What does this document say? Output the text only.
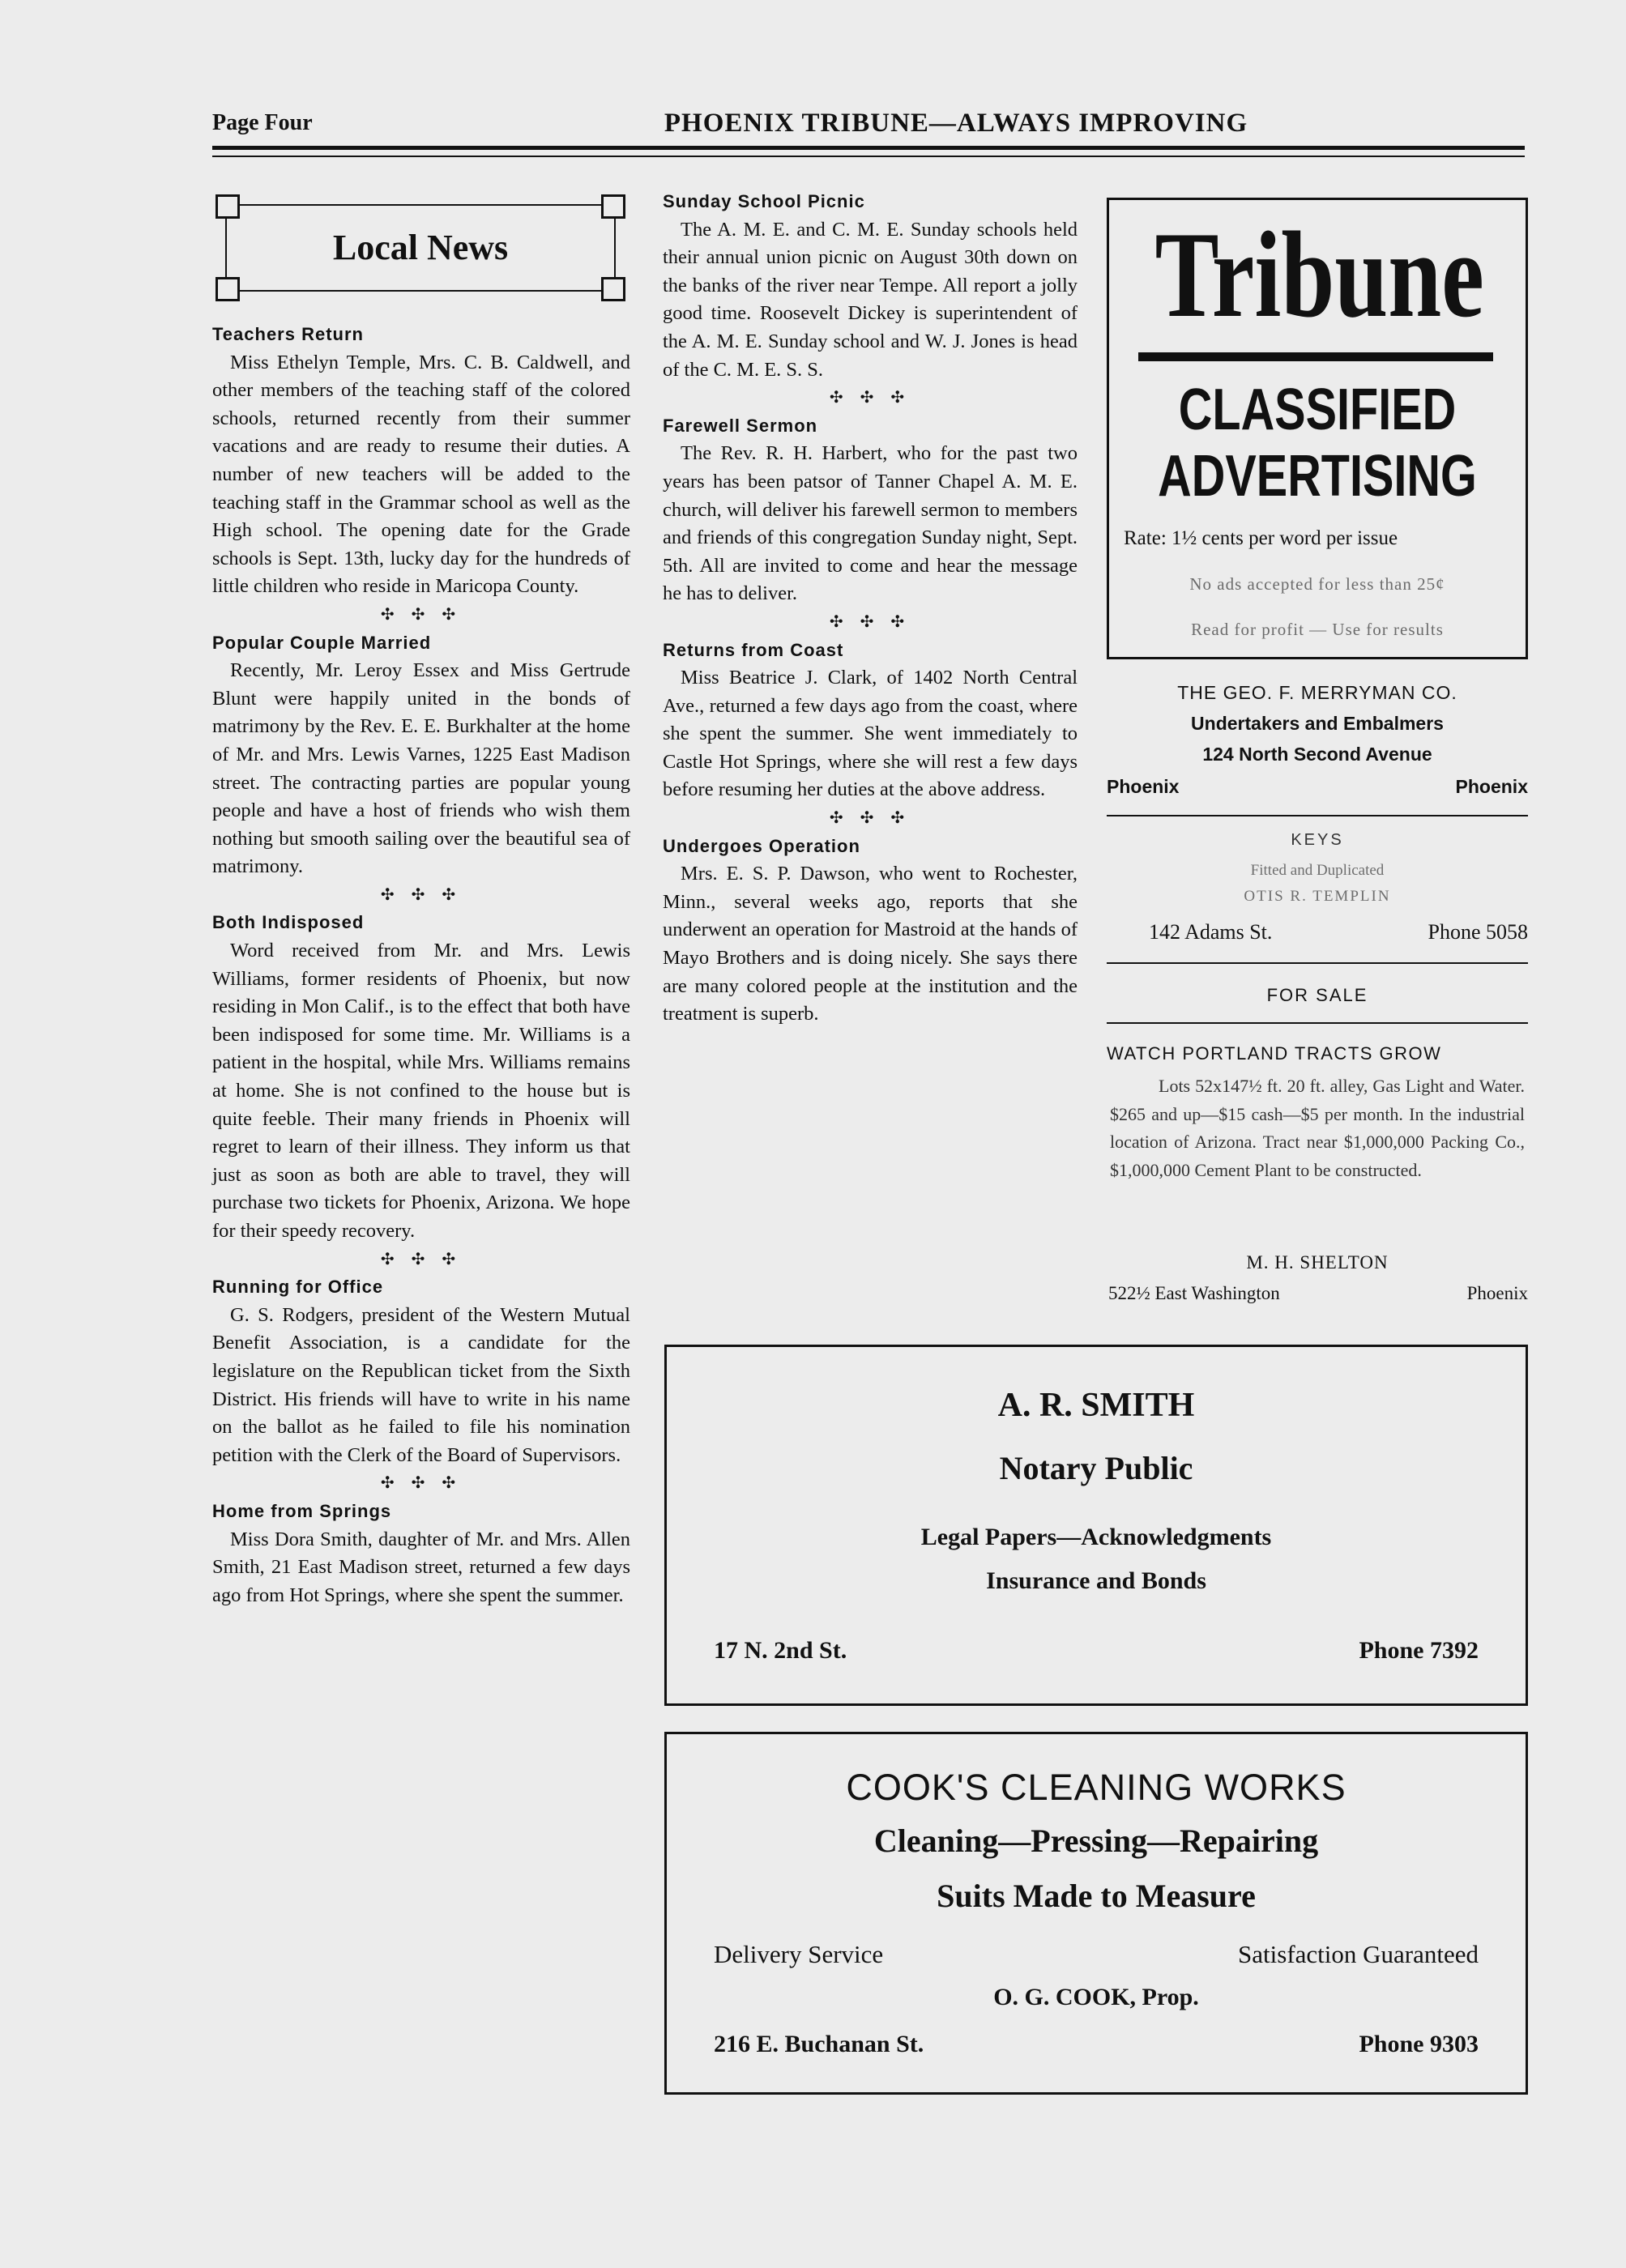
Page Four	PHOENIX TRIBUNE—ALWAYS IMPROVING
Local News
Teachers Return

Miss Ethelyn Temple, Mrs. C. B. Caldwell, and other members of the teaching staff of the colored schools, returned recently from their summer vacations and are ready to resume their duties. A number of new teachers will be added to the teaching staff in the Grammar school as well as the High school. The opening date for the Grade schools is Sept. 13th, lucky day for the hundreds of little children who reside in Maricopa County.

✣ ✣ ✣
Popular Couple Married

Recently, Mr. Leroy Essex and Miss Gertrude Blunt were happily united in the bonds of matrimony by the Rev. E. E. Burkhalter at the home of Mr. and Mrs. Lewis Varnes, 1225 East Madison street. The contracting parties are popular young people and have a host of friends who wish them nothing but smooth sailing over the beautiful sea of matrimony.

✣ ✣ ✣
Both Indisposed

Word received from Mr. and Mrs. Lewis Williams, former residents of Phoenix, but now residing in Mon Calif., is to the effect that both have been indisposed for some time. Mr. Williams is a patient in the hospital, while Mrs. Williams remains at home. She is not confined to the house but is quite feeble. Their many friends in Phoenix will regret to learn of their illness. They inform us that just as soon as both are able to travel, they will purchase two tickets for Phoenix, Arizona. We hope for their speedy recovery.

✣ ✣ ✣
Running for Office

G. S. Rodgers, president of the Western Mutual Benefit Association, is a candidate for the legislature on the Republican ticket from the Sixth District. His friends will have to write in his name on the ballot as he failed to file his nomination petition with the Clerk of the Board of Supervisors.

✣ ✣ ✣
Home from Springs

Miss Dora Smith, daughter of Mr. and Mrs. Allen Smith, 21 East Madison street, returned a few days ago from Hot Springs, where she spent the summer.

Sunday School Picnic

The A. M. E. and C. M. E. Sunday schools held their annual union picnic on August 30th down on the banks of the river near Tempe. All report a jolly good time. Roosevelt Dickey is superintendent of the A. M. E. Sunday school and W. J. Jones is head of the C. M. E. S. S.

✣ ✣ ✣
Farewell Sermon

The Rev. R. H. Harbert, who for the past two years has been patsor of Tanner Chapel A. M. E. church, will deliver his farewell sermon to members and friends of this congregation Sunday night, Sept. 5th. All are invited to come and hear the message he has to deliver.

✣ ✣ ✣
Returns from Coast

Miss Beatrice J. Clark, of 1402 North Central Ave., returned a few days ago from the coast, where she spent the summer. She went immediately to Castle Hot Springs, where she will rest a few days before resuming her duties at the above address.

✣ ✣ ✣
Undergoes Operation

Mrs. E. S. P. Dawson, who went to Rochester, Minn., several weeks ago, reports that she underwent an operation for Mastroid at the hands of Mayo Brothers and is doing nicely. She says there are many colored people at the institution and the treatment is superb.

Tribune
CLASSIFIED
ADVERTISING
Rate: 1½ cents per word per issue
No ads accepted for less than 25¢
Read for profit — Use for results
THE GEO. F. MERRYMAN CO.
Undertakers and Embalmers
124 North Second Avenue
Phoenix	Phoenix
KEYS
Fitted and Duplicated
OTIS R. TEMPLIN
142 Adams St.	Phone 5058
FOR SALE
WATCH PORTLAND TRACTS GROW
Lots 52x147½ ft. 20 ft. alley, Gas Light and Water. $265 and up—$15 cash—$5 per month. In the industrial location of Arizona. Tract near $1,000,000 Packing Co., $1,000,000 Cement Plant to be constructed.
M. H. SHELTON
522½ East Washington	Phoenix
A. R. SMITH
Notary Public
Legal Papers—Acknowledgments
Insurance and Bonds
17 N. 2nd St.	Phone 7392
COOK'S CLEANING WORKS
Cleaning—Pressing—Repairing
Suits Made to Measure
Delivery Service	Satisfaction Guaranteed
O. G. COOK, Prop.
216 E. Buchanan St.	Phone 9303
